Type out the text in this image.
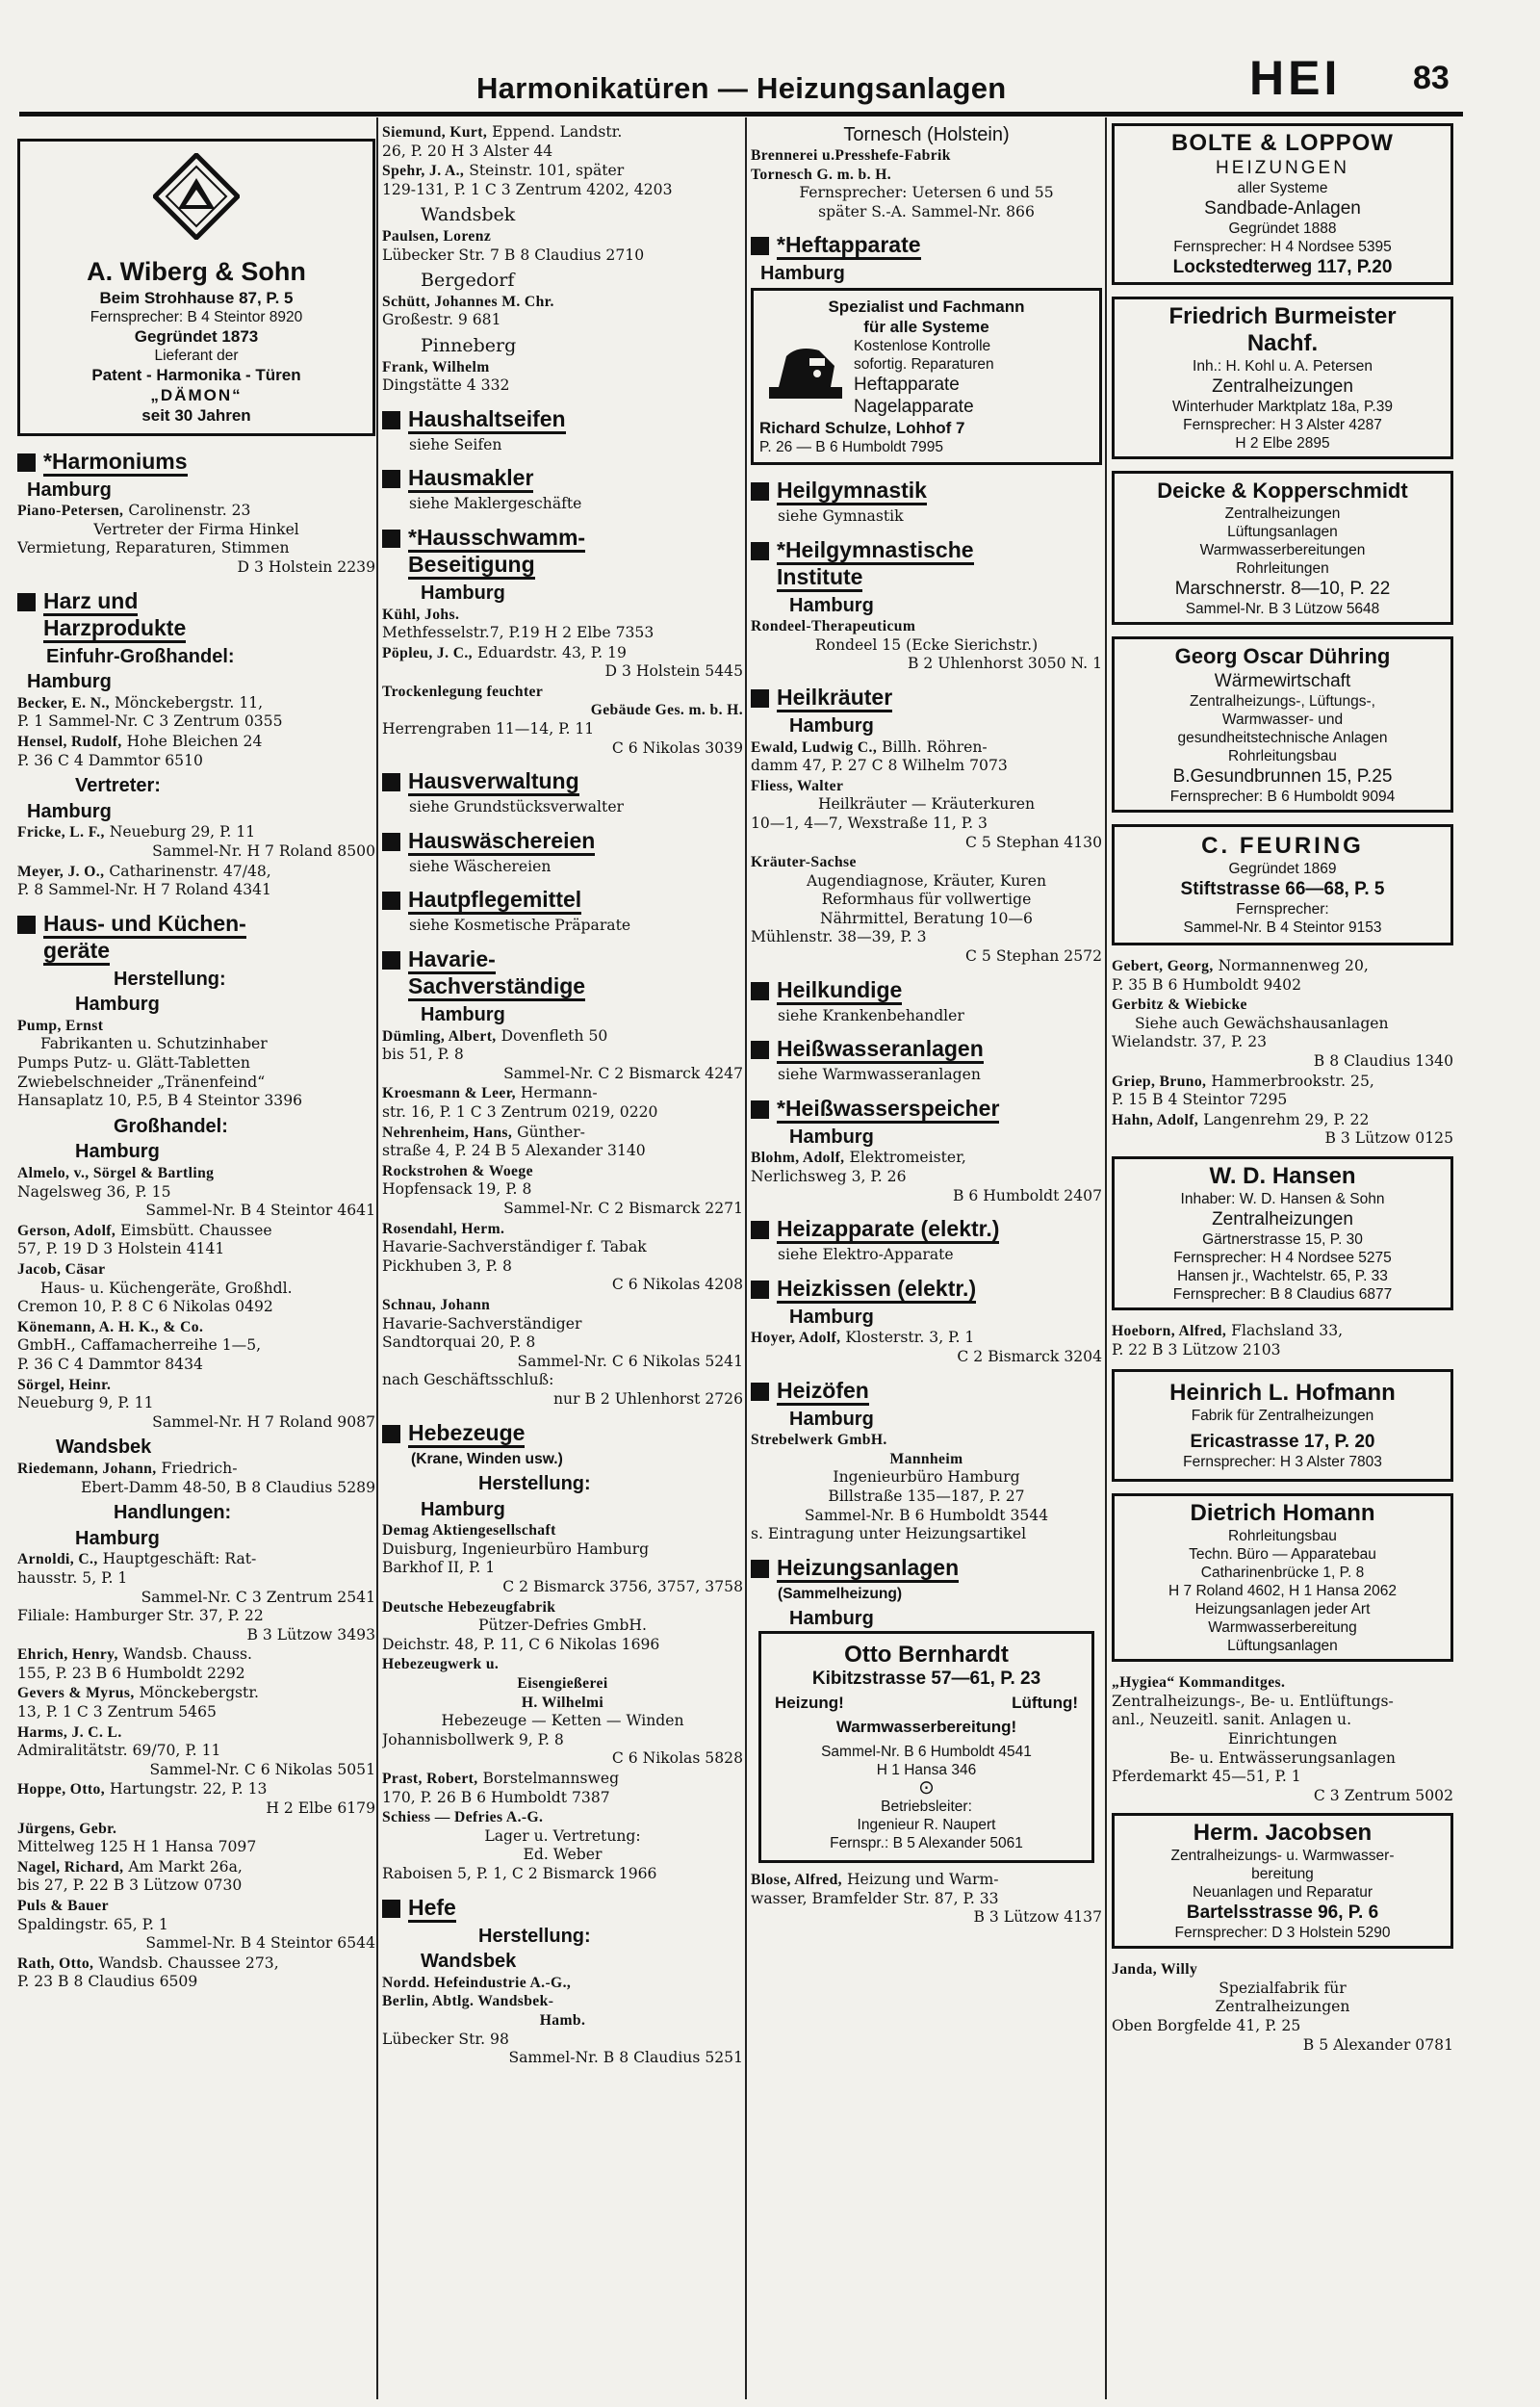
Harmonikatüren — Heizungsanlagen	HEI 83
A. Wiberg & Sohn
Beim Strohhause 87, P. 5
Fernsprecher: B 4 Steintor 8920
Gegründet 1873
Lieferant der
Patent - Harmonika - Türen
„DÄMON“
seit 30 Jahren
*Harmoniums
Hamburg
Piano-Petersen, Carolinenstr. 23
Vertreter der Firma Hinkel
Vermietung, Reparaturen, Stimmen
D 3 Holstein 2239
Harz und
Harzprodukte
Einfuhr-Großhandel:
Hamburg
Becker, E. N., Mönckebergstr. 11,
P. 1 Sammel-Nr. C 3 Zentrum 0355
Hensel, Rudolf, Hohe Bleichen 24
P. 36 C 4 Dammtor 6510
Vertreter:
Hamburg
Fricke, L. F., Neueburg 29, P. 11
Sammel-Nr. H 7 Roland 8500
Meyer, J. O., Catharinenstr. 47/48,
P. 8 Sammel-Nr. H 7 Roland 4341
Haus- und Küchen-
geräte
Herstellung:
Hamburg
Pump, Ernst
Fabrikanten u. Schutzinhaber
Pumps Putz- u. Glätt-Tabletten
Zwiebelschneider „Tränenfeind“
Hansaplatz 10, P.5, B 4 Steintor 3396
Großhandel:
Hamburg
Almelo, v., Sörgel & Bartling
Nagelsweg 36, P. 15
Sammel-Nr. B 4 Steintor 4641
Gerson, Adolf, Eimsbütt. Chaussee
57, P. 19 D 3 Holstein 4141
Jacob, Cäsar
Haus- u. Küchengeräte, Großhdl.
Cremon 10, P. 8 C 6 Nikolas 0492
Könemann, A. H. K., & Co.
GmbH., Caffamacherreihe 1—5,
P. 36 C 4 Dammtor 8434
Sörgel, Heinr.
Neueburg 9, P. 11
Sammel-Nr. H 7 Roland 9087
Wandsbek
Riedemann, Johann, Friedrich-
Ebert-Damm 48-50, B 8 Claudius 5289
Handlungen:
Hamburg
Arnoldi, C., Hauptgeschäft: Rat-
hausstr. 5, P. 1
Sammel-Nr. C 3 Zentrum 2541
Filiale: Hamburger Str. 37, P. 22
B 3 Lützow 3493
Ehrich, Henry, Wandsb. Chauss.
155, P. 23 B 6 Humboldt 2292
Gevers & Myrus, Mönckebergstr.
13, P. 1 C 3 Zentrum 5465
Harms, J. C. L.
Admiralitätstr. 69/70, P. 11
Sammel-Nr. C 6 Nikolas 5051
Hoppe, Otto, Hartungstr. 22, P. 13
H 2 Elbe 6179
Jürgens, Gebr.
Mittelweg 125 H 1 Hansa 7097
Nagel, Richard, Am Markt 26a,
bis 27, P. 22 B 3 Lützow 0730
Puls & Bauer
Spaldingstr. 65, P. 1
Sammel-Nr. B 4 Steintor 6544
Rath, Otto, Wandsb. Chaussee 273,
P. 23 B 8 Claudius 6509
Siemund, Kurt, Eppend. Landstr.
26, P. 20 H 3 Alster 44
Spehr, J. A., Steinstr. 101, später
129-131, P. 1 C 3 Zentrum 4202, 4203
Wandsbek
Paulsen, Lorenz
Lübecker Str. 7 B 8 Claudius 2710
Bergedorf
Schütt, Johannes M. Chr.
Großestr. 9 681
Pinneberg
Frank, Wilhelm
Dingstätte 4 332
Haushaltseifen
siehe Seifen
Hausmakler
siehe Maklergeschäfte
*Hausschwamm-
Beseitigung
Hamburg
Kühl, Johs.
Methfesselstr.7, P.19 H 2 Elbe 7353
Pöpleu, J. C., Eduardstr. 43, P. 19
D 3 Holstein 5445
Trockenlegung feuchter
Gebäude Ges. m. b. H.
Herrengraben 11—14, P. 11
C 6 Nikolas 3039
Hausverwaltung
siehe Grundstücksverwalter
Hauswäschereien
siehe Wäschereien
Hautpflegemittel
siehe Kosmetische Präparate
Havarie-
Sachverständige
Hamburg
Dümling, Albert, Dovenfleth 50
bis 51, P. 8
Sammel-Nr. C 2 Bismarck 4247
Kroesmann & Leer, Hermann-
str. 16, P. 1 C 3 Zentrum 0219, 0220
Nehrenheim, Hans, Günther-
straße 4, P. 24 B 5 Alexander 3140
Rockstrohen & Woege
Hopfensack 19, P. 8
Sammel-Nr. C 2 Bismarck 2271
Rosendahl, Herm.
Havarie-Sachverständiger f. Tabak
Pickhuben 3, P. 8
C 6 Nikolas 4208
Schnau, Johann
Havarie-Sachverständiger
Sandtorquai 20, P. 8
Sammel-Nr. C 6 Nikolas 5241
nach Geschäftsschluß:
nur B 2 Uhlenhorst 2726
Hebezeuge
(Krane, Winden usw.)
Herstellung:
Hamburg
Demag Aktiengesellschaft
Duisburg, Ingenieurbüro Hamburg
Barkhof II, P. 1
C 2 Bismarck 3756, 3757, 3758
Deutsche Hebezeugfabrik
Pützer-Defries GmbH.
Deichstr. 48, P. 11, C 6 Nikolas 1696
Hebezeugwerk u.
Eisengießerei
H. Wilhelmi
Hebezeuge — Ketten — Winden
Johannisbollwerk 9, P. 8
C 6 Nikolas 5828
Prast, Robert, Borstelmannsweg
170, P. 26 B 6 Humboldt 7387
Schiess — Defries A.-G.
Lager u. Vertretung:
Ed. Weber
Raboisen 5, P. 1, C 2 Bismarck 1966
Hefe
Herstellung:
Wandsbek
Nordd. Hefeindustrie A.-G.,
Berlin, Abtlg. Wandsbek-
Hamb.
Lübecker Str. 98
Sammel-Nr. B 8 Claudius 5251
Tornesch (Holstein)
Brennerei u.Presshefe-Fabrik
Tornesch G. m. b. H.
Fernsprecher: Uetersen 6 und 55
später S.-A. Sammel-Nr. 866
*Heftapparate
Hamburg
Spezialist und Fachmann
für alle Systeme
Kostenlose Kontrolle
sofortig. Reparaturen
Heftapparate
Nagelapparate
Richard Schulze, Lohhof 7
P. 26 — B 6 Humboldt 7995
Heilgymnastik
siehe Gymnastik
*Heilgymnastische
Institute
Hamburg
Rondeel-Therapeuticum
Rondeel 15 (Ecke Sierichstr.)
B 2 Uhlenhorst 3050 N. 1
Heilkräuter
Hamburg
Ewald, Ludwig C., Billh. Röhren-
damm 47, P. 27 C 8 Wilhelm 7073
Fliess, Walter
Heilkräuter — Kräuterkuren
10—1, 4—7, Wexstraße 11, P. 3
C 5 Stephan 4130
Kräuter-Sachse
Augendiagnose, Kräuter, Kuren
Reformhaus für vollwertige
Nährmittel, Beratung 10—6
Mühlenstr. 38—39, P. 3
C 5 Stephan 2572
Heilkundige
siehe Krankenbehandler
Heißwasseranlagen
siehe Warmwasseranlagen
*Heißwasserspeicher
Hamburg
Blohm, Adolf, Elektromeister,
Nerlichsweg 3, P. 26
B 6 Humboldt 2407
Heizapparate (elektr.)
siehe Elektro-Apparate
Heizkissen (elektr.)
Hamburg
Hoyer, Adolf, Klosterstr. 3, P. 1
C 2 Bismarck 3204
Heizöfen
Hamburg
Strebelwerk GmbH.
Mannheim
Ingenieurbüro Hamburg
Billstraße 135—187, P. 27
Sammel-Nr. B 6 Humboldt 3544
s. Eintragung unter Heizungsartikel
Heizungsanlagen
(Sammelheizung)
Hamburg
Otto Bernhardt
Kibitzstrasse 57—61, P. 23
Heizung!	Lüftung!
Warmwasserbereitung!
Sammel-Nr. B 6 Humboldt 4541
H 1 Hansa 346
⊙
Betriebsleiter:
Ingenieur R. Naupert
Fernspr.: B 5 Alexander 5061
Blose, Alfred, Heizung und Warm-
wasser, Bramfelder Str. 87, P. 33
B 3 Lützow 4137
BOLTE & LOPPOW
HEIZUNGEN
aller Systeme
Sandbade-Anlagen
Gegründet 1888
Fernsprecher: H 4 Nordsee 5395
Lockstedterweg 117, P.20
Friedrich Burmeister
Nachf.
Inh.: H. Kohl u. A. Petersen
Zentralheizungen
Winterhuder Marktplatz 18a, P.39
Fernsprecher: H 3 Alster 4287
H 2 Elbe 2895
Deicke & Kopperschmidt
Zentralheizungen
Lüftungsanlagen
Warmwasserbereitungen
Rohrleitungen
Marschnerstr. 8—10, P. 22
Sammel-Nr. B 3 Lützow 5648
Georg Oscar Dühring
Wärmewirtschaft
Zentralheizungs-, Lüftungs-,
Warmwasser- und
gesundheitstechnische Anlagen
Rohrleitungsbau
B.Gesundbrunnen 15, P.25
Fernsprecher: B 6 Humboldt 9094
C. FEURING
Gegründet 1869
Stiftstrasse 66—68, P. 5
Fernsprecher:
Sammel-Nr. B 4 Steintor 9153
Gebert, Georg, Normannenweg 20,
P. 35 B 6 Humboldt 9402
Gerbitz & Wiebicke
Siehe auch Gewächshausanlagen
Wielandstr. 37, P. 23
B 8 Claudius 1340
Griep, Bruno, Hammerbrookstr. 25,
P. 15 B 4 Steintor 7295
Hahn, Adolf, Langenrehm 29, P. 22
B 3 Lützow 0125
W. D. Hansen
Inhaber: W. D. Hansen & Sohn
Zentralheizungen
Gärtnerstrasse 15, P. 30
Fernsprecher: H 4 Nordsee 5275
Hansen jr., Wachtelstr. 65, P. 33
Fernsprecher: B 8 Claudius 6877
Hoeborn, Alfred, Flachsland 33,
P. 22 B 3 Lützow 2103
Heinrich L. Hofmann
Fabrik für Zentralheizungen
Ericastrasse 17, P. 20
Fernsprecher: H 3 Alster 7803
Dietrich Homann
Rohrleitungsbau
Techn. Büro — Apparatebau
Catharinenbrücke 1, P. 8
H 7 Roland 4602, H 1 Hansa 2062
Heizungsanlagen jeder Art
Warmwasserbereitung
Lüftungsanlagen
„Hygiea“ Kommanditges.
Zentralheizungs-, Be- u. Entlüftungs-
anl., Neuzeitl. sanit. Anlagen u.
Einrichtungen
Be- u. Entwässerungsanlagen
Pferdemarkt 45—51, P. 1
C 3 Zentrum 5002
Herm. Jacobsen
Zentralheizungs- u. Warmwasser-
bereitung
Neuanlagen und Reparatur
Bartelsstrasse 96, P. 6
Fernsprecher: D 3 Holstein 5290
Janda, Willy
Spezialfabrik für
Zentralheizungen
Oben Borgfelde 41, P. 25
B 5 Alexander 0781
